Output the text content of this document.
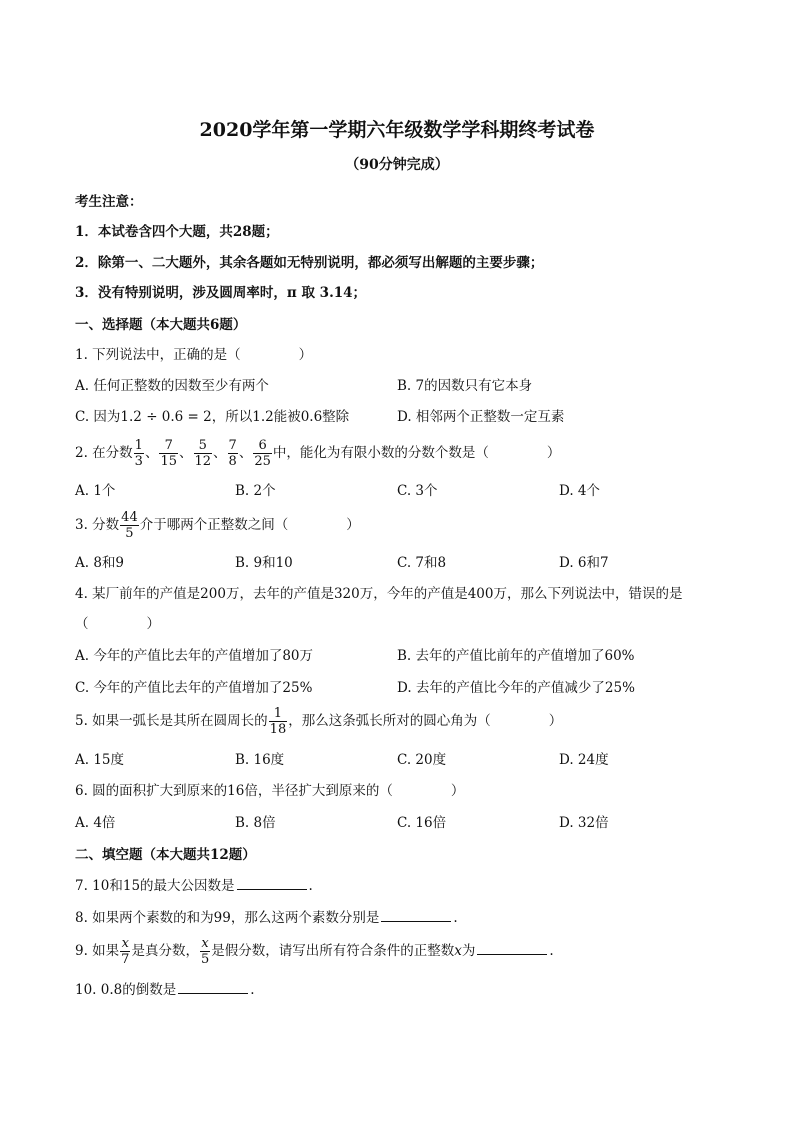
2020学年第一学期六年级数学学科期终考试卷
（90分钟完成）
考生注意：
1．本试卷含四个大题，共28题；
2．除第一、二大题外，其余各题如无特别说明，都必须写出解题的主要步骤；
3．没有特别说明，涉及圆周率时，π 取 3.14；
一、选择题（本大题共6题）
1. 下列说法中，正确的是（	）
A. 任何正整数的因数至少有两个	B. 7的因数只有它本身
C. 因为1.2 ÷ 0.6 = 2，所以1.2能被0.6整除	D. 相邻两个正整数一定互素
2. 在分数 $\frac{1}{3}$ 、 $\frac{7}{15}$ 、 $\frac{5}{12}$ 、 $\frac{7}{8}$ 、 $\frac{6}{25}$ 中，能化为有限小数的分数个数是（	）
A. 1个	B. 2个	C. 3个	D. 4个
3. 分数 $\frac{44}{5}$ 介于哪两个正整数之间（	）
A. 8和9	B. 9和10	C. 7和8	D. 6和7
4. 某厂前年的产值是200万，去年的产值是320万，今年的产值是400万，那么下列说法中，错误的是
（	）
A. 今年的产值比去年的产值增加了80万	B. 去年的产值比前年的产值增加了60%
C. 今年的产值比去年的产值增加了25%	D. 去年的产值比今年的产值减少了25%
5. 如果一弧长是其所在圆周长的 $\frac{1}{18}$ ，那么这条弧长所对的圆心角为（	）
A. 15度	B. 16度	C. 20度	D. 24度
6. 圆的面积扩大到原来的16倍，半径扩大到原来的（	）
A. 4倍	B. 8倍	C. 16倍	D. 32倍
二、填空题（本大题共12题）
7. 10和15的最大公因数是	.
8. 如果两个素数的和为99，那么这两个素数分别是	.
9. 如果 $\frac{x}{7}$ 是真分数， $\frac{x}{5}$ 是假分数，请写出所有符合条件的正整数x为	.
10. 0.8的倒数是	.
